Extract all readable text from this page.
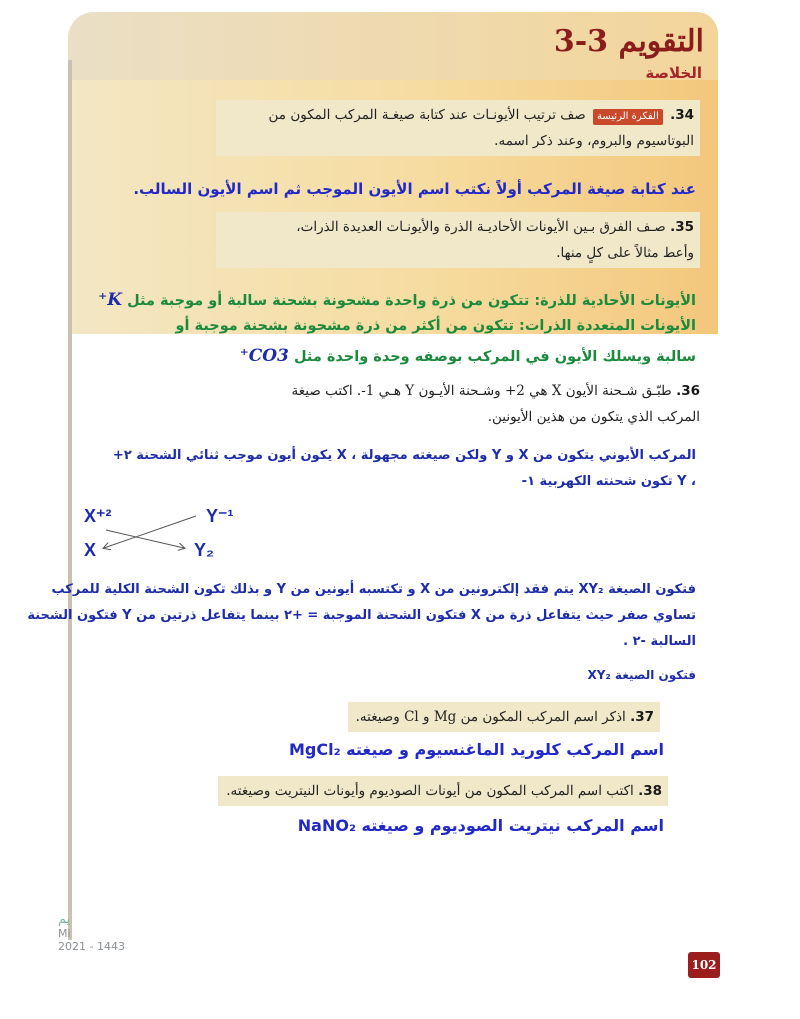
التقويم 3-3
الخلاصة
34. الفكرة الرئيسة صف ترتيب الأيونـات عند كتابة صيغـة المركب المكون من
البوتاسيوم والبروم، وعند ذكر اسمه.
عند كتابة صيغة المركب أولاً نكتب اسم الأيون الموجب ثم اسم الأيون السالب.
35. صـف الفرق بـين الأيونات الأحاديـة الذرة والأيونـات العديدة الذرات،
وأعط مثالاً على كلٍ منها.
الأيونات الأحادية للذرة: تتكون من ذرة واحدة مشحونة بشحنة سالبة أو موجبة مثل K⁺
الأيونات المتعددة الذرات: تتكون من أكثر من ذرة مشحونة بشحنة موجبة أو
سالبة ويسلك الأيون في المركب بوصفه وحدة واحدة مثل CO3⁺
36. طبّـق شـحنة الأيون X هي 2+ وشـحنة الأيـون Y هـي 1-. اكتب صيغة
المركب الذي يتكون من هذين الأيونين.
المركب الأيوني يتكون من X و Y ولكن صيغته مجهولة ، X يكون أيون موجب ثنائي الشحنة ٢+
، Y تكون شحنته الكهربية ١-
X⁺²	Y⁻¹
X	Y₂
فتكون الصيغة XY₂ يتم فقد إلكترونين من X و تكتسبه أيونين من Y و بذلك تكون الشحنة الكلية للمركب
تساوي صفر حيث يتفاعل ذرة من X فتكون الشحنة الموجبة = +٢ بينما يتفاعل ذرتين من Y فتكون الشحنة
السالبة -٢ .
فتكون الصيغة XY₂
37. اذكر اسم المركب المكون من Mg و Cl وصيغته.
اسم المركب كلوريد الماغنسيوم و صيغته MgCl₂
38. اكتب اسم المركب المكون من أيونات الصوديوم وأيونات النيتريت وصيغته.
اسم المركب نيتريت الصوديوم و صيغته NaNO₂
يم
Mi
2021 - 1443
102
